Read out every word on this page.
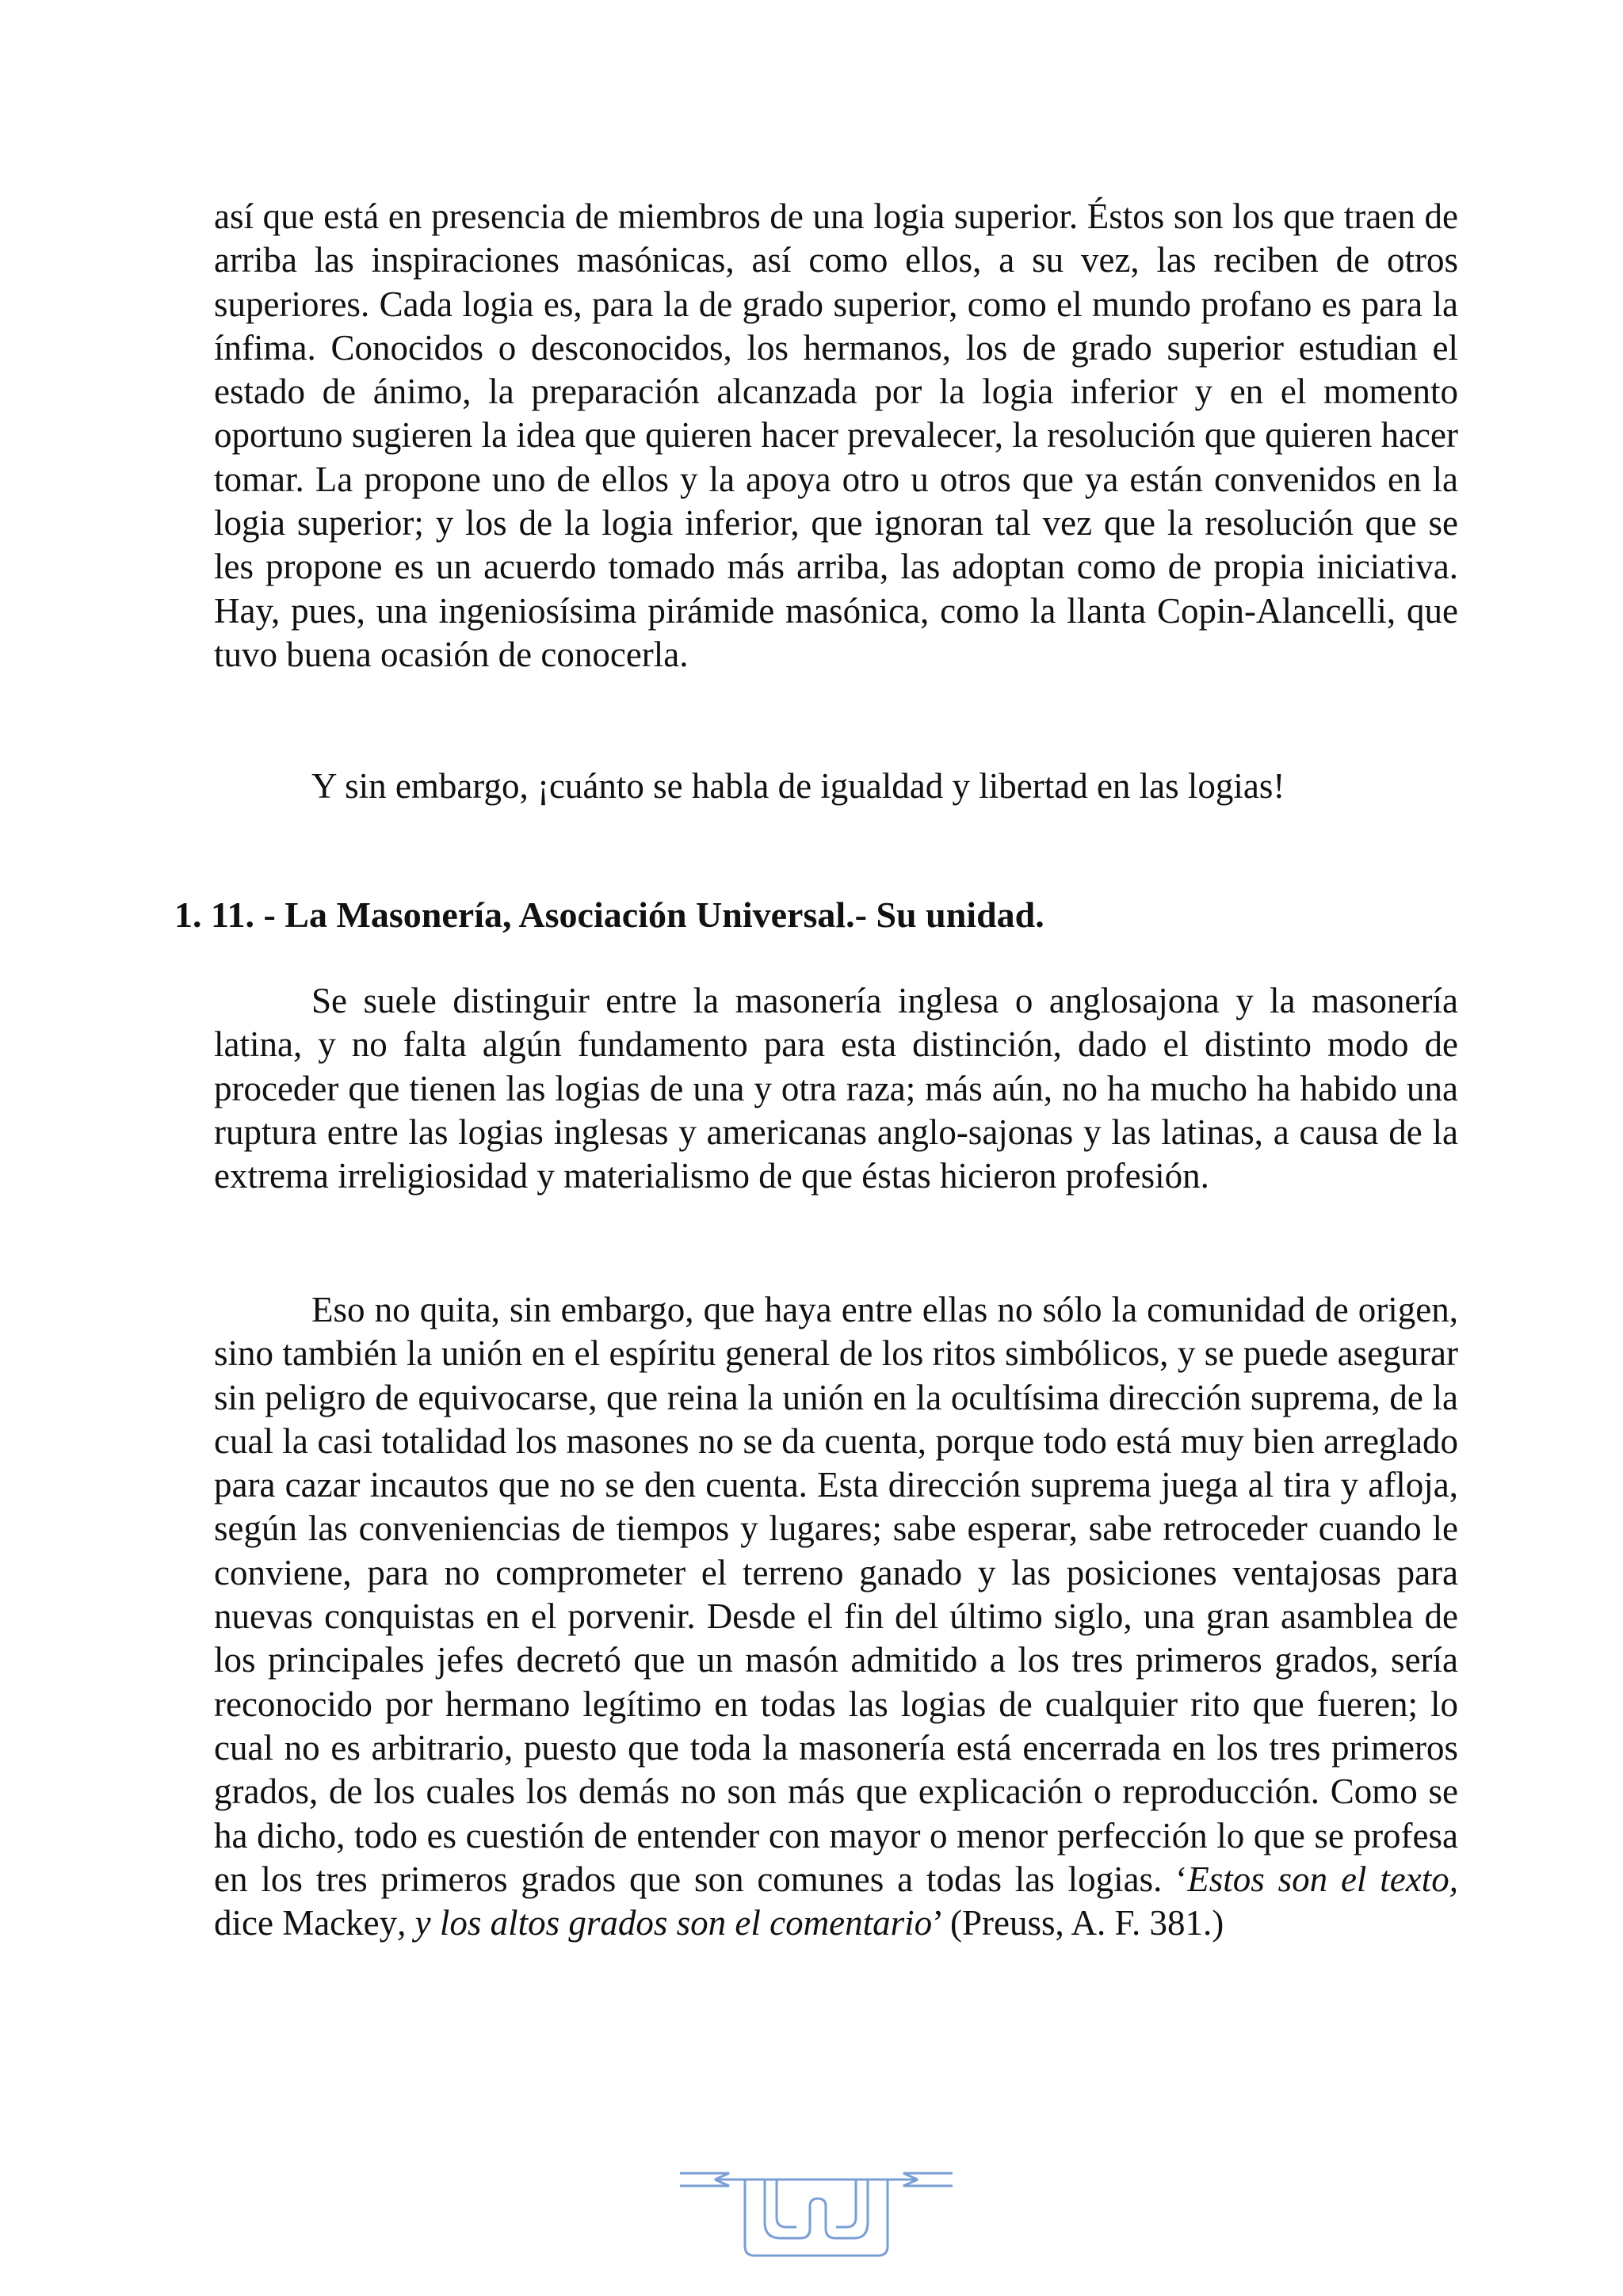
así que está en presencia de miembros de una logia superior. Éstos son los que traen de arriba las inspiraciones masónicas, así como ellos, a su vez, las reciben de otros superiores. Cada logia es, para la de grado superior, como el mundo profano es para la ínfima. Conocidos o desconocidos, los hermanos, los de grado superior estudian el estado de ánimo, la preparación alcanzada por la logia inferior y en el momento oportuno sugieren la idea que quieren hacer prevalecer, la resolución que quieren hacer tomar. La propone uno de ellos y la apoya otro u otros que ya están convenidos en la logia superior; y los de la logia inferior, que ignoran tal vez que la resolución que se les propone es un acuerdo tomado más arriba, las adoptan como de propia iniciativa. Hay, pues, una ingeniosísima pirámide masónica, como la llanta Copin-Alancelli, que tuvo buena ocasión de conocerla.

Y sin embargo, ¡cuánto se habla de igualdad y libertad en las logias!

1. 11. - La Masonería, Asociación Universal.- Su unidad.

Se suele distinguir entre la masonería inglesa o anglosajona y la masonería latina, y no falta algún fundamento para esta distinción, dado el distinto modo de proceder que tienen las logias de una y otra raza; más aún, no ha mucho ha habido una ruptura entre las logias inglesas y americanas anglo-sajonas y las latinas, a causa de la extrema irreligiosidad y materialismo de que éstas hicieron profesión.

Eso no quita, sin embargo, que haya entre ellas no sólo la comunidad de origen, sino también la unión en el espíritu general de los ritos simbólicos, y se puede asegurar sin peligro de equivocarse, que reina la unión en la ocultísima dirección suprema, de la cual la casi totalidad los masones no se da cuenta, porque todo está muy bien arreglado para cazar incautos que no se den cuenta. Esta dirección suprema juega al tira y afloja, según las conveniencias de tiempos y lugares; sabe esperar, sabe retroceder cuando le conviene, para no comprometer el terreno ganado y las posiciones ventajosas para nuevas conquistas en el porvenir. Desde el fin del último siglo, una gran asamblea de los principales jefes decretó que un masón admitido a los tres primeros grados, sería reconocido por hermano legítimo en todas las logias de cualquier rito que fueren; lo cual no es arbitrario, puesto que toda la masonería está encerrada en los tres primeros grados, de los cuales los demás no son más que explicación o reproducción. Como se ha dicho, todo es cuestión de entender con mayor o menor perfección lo que se profesa en los tres primeros grados que son comunes a todas las logias. ‘Estos son el texto, dice Mackey, y los altos grados son el comentario’ (Preuss, A. F. 381.)
